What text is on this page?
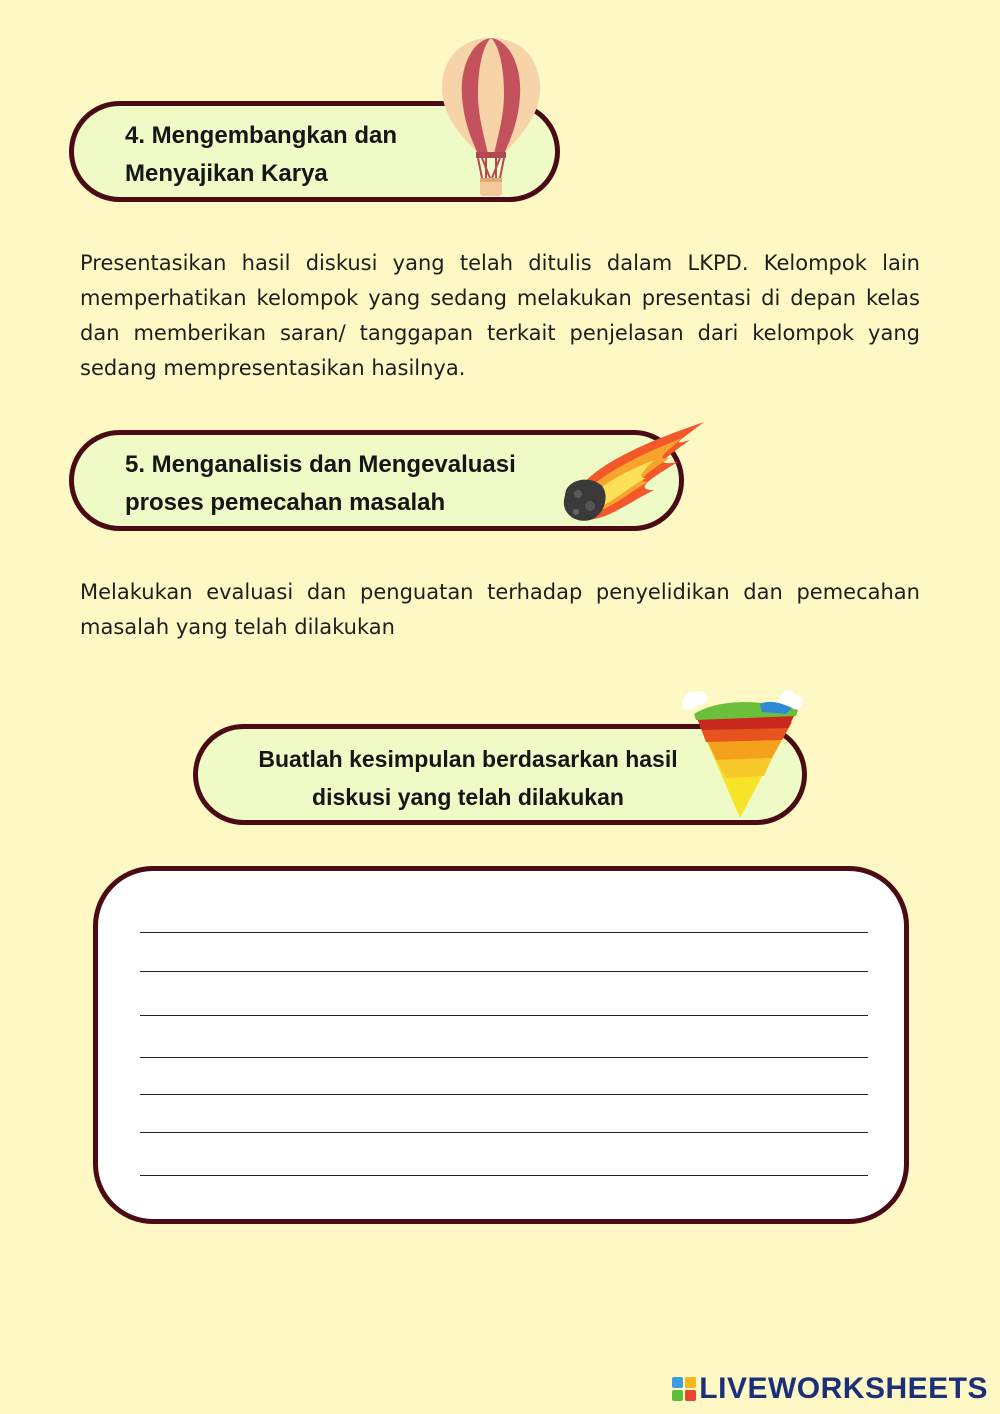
4. Mengembangkan dan
Menyajikan Karya

Presentasikan hasil diskusi yang telah ditulis dalam LKPD. Kelompok lain memperhatikan kelompok yang sedang melakukan presentasi di depan kelas dan memberikan saran/ tanggapan terkait penjelasan dari kelompok yang sedang mempresentasikan hasilnya.

5. Menganalisis dan Mengevaluasi
proses pemecahan masalah

Melakukan evaluasi dan penguatan terhadap penyelidikan dan pemecahan masalah yang telah dilakukan

Buatlah kesimpulan berdasarkan hasil
diskusi yang telah dilakukan

LIVEWORKSHEETS
